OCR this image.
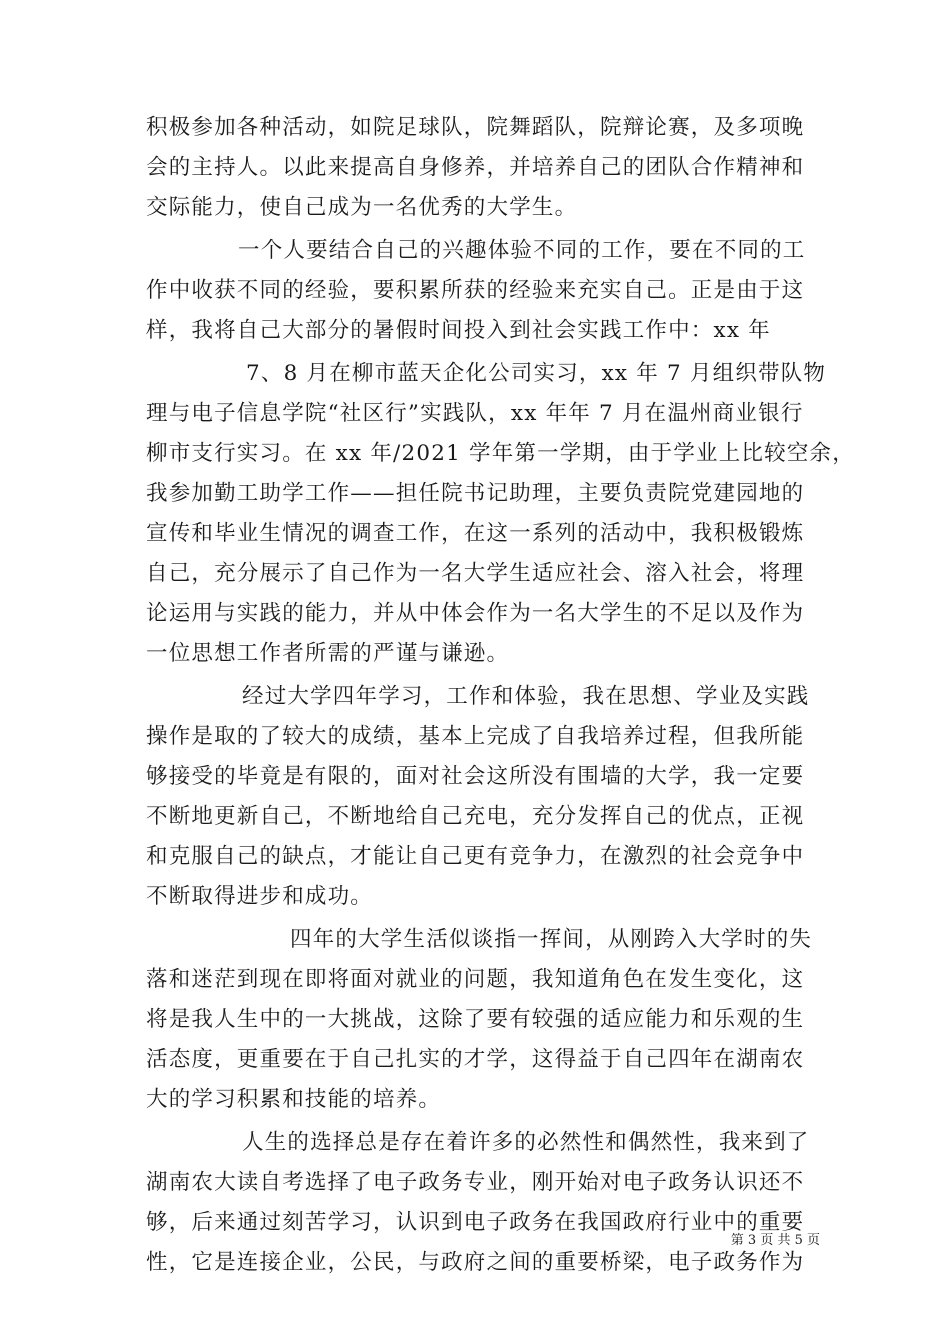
积极参加各种活动，如院足球队，院舞蹈队，院辩论赛，及多项晚
会的主持人。以此来提高自身修养，并培养自己的团队合作精神和
交际能力，使自己成为一名优秀的大学生。
一个人要结合自己的兴趣体验不同的工作，要在不同的工
作中收获不同的经验，要积累所获的经验来充实自己。正是由于这
样，我将自己大部分的暑假时间投入到社会实践工作中：xx 年
7、8 月在柳市蓝天企化公司实习，xx 年 7 月组织带队物
理与电子信息学院“社区行”实践队，xx 年年 7 月在温州商业银行
柳市支行实习。在 xx 年/2021 学年第一学期，由于学业上比较空余，
我参加勤工助学工作——担任院书记助理，主要负责院党建园地的
宣传和毕业生情况的调查工作，在这一系列的活动中，我积极锻炼
自己，充分展示了自己作为一名大学生适应社会、溶入社会，将理
论运用与实践的能力，并从中体会作为一名大学生的不足以及作为
一位思想工作者所需的严谨与谦逊。
经过大学四年学习，工作和体验，我在思想、学业及实践
操作是取的了较大的成绩，基本上完成了自我培养过程，但我所能
够接受的毕竟是有限的，面对社会这所没有围墙的大学，我一定要
不断地更新自己，不断地给自己充电，充分发挥自己的优点，正视
和克服自己的缺点，才能让自己更有竞争力，在激烈的社会竞争中
不断取得进步和成功。
四年的大学生活似谈指一挥间，从刚跨入大学时的失
落和迷茫到现在即将面对就业的问题，我知道角色在发生变化，这
将是我人生中的一大挑战，这除了要有较强的适应能力和乐观的生
活态度，更重要在于自己扎实的才学，这得益于自己四年在湖南农
大的学习积累和技能的培养。
人生的选择总是存在着许多的必然性和偶然性，我来到了
湖南农大读自考选择了电子政务专业，刚开始对电子政务认识还不
够，后来通过刻苦学习，认识到电子政务在我国政府行业中的重要
性，它是连接企业，公民，与政府之间的重要桥梁，电子政务作为
第 3 页 共 5 页
